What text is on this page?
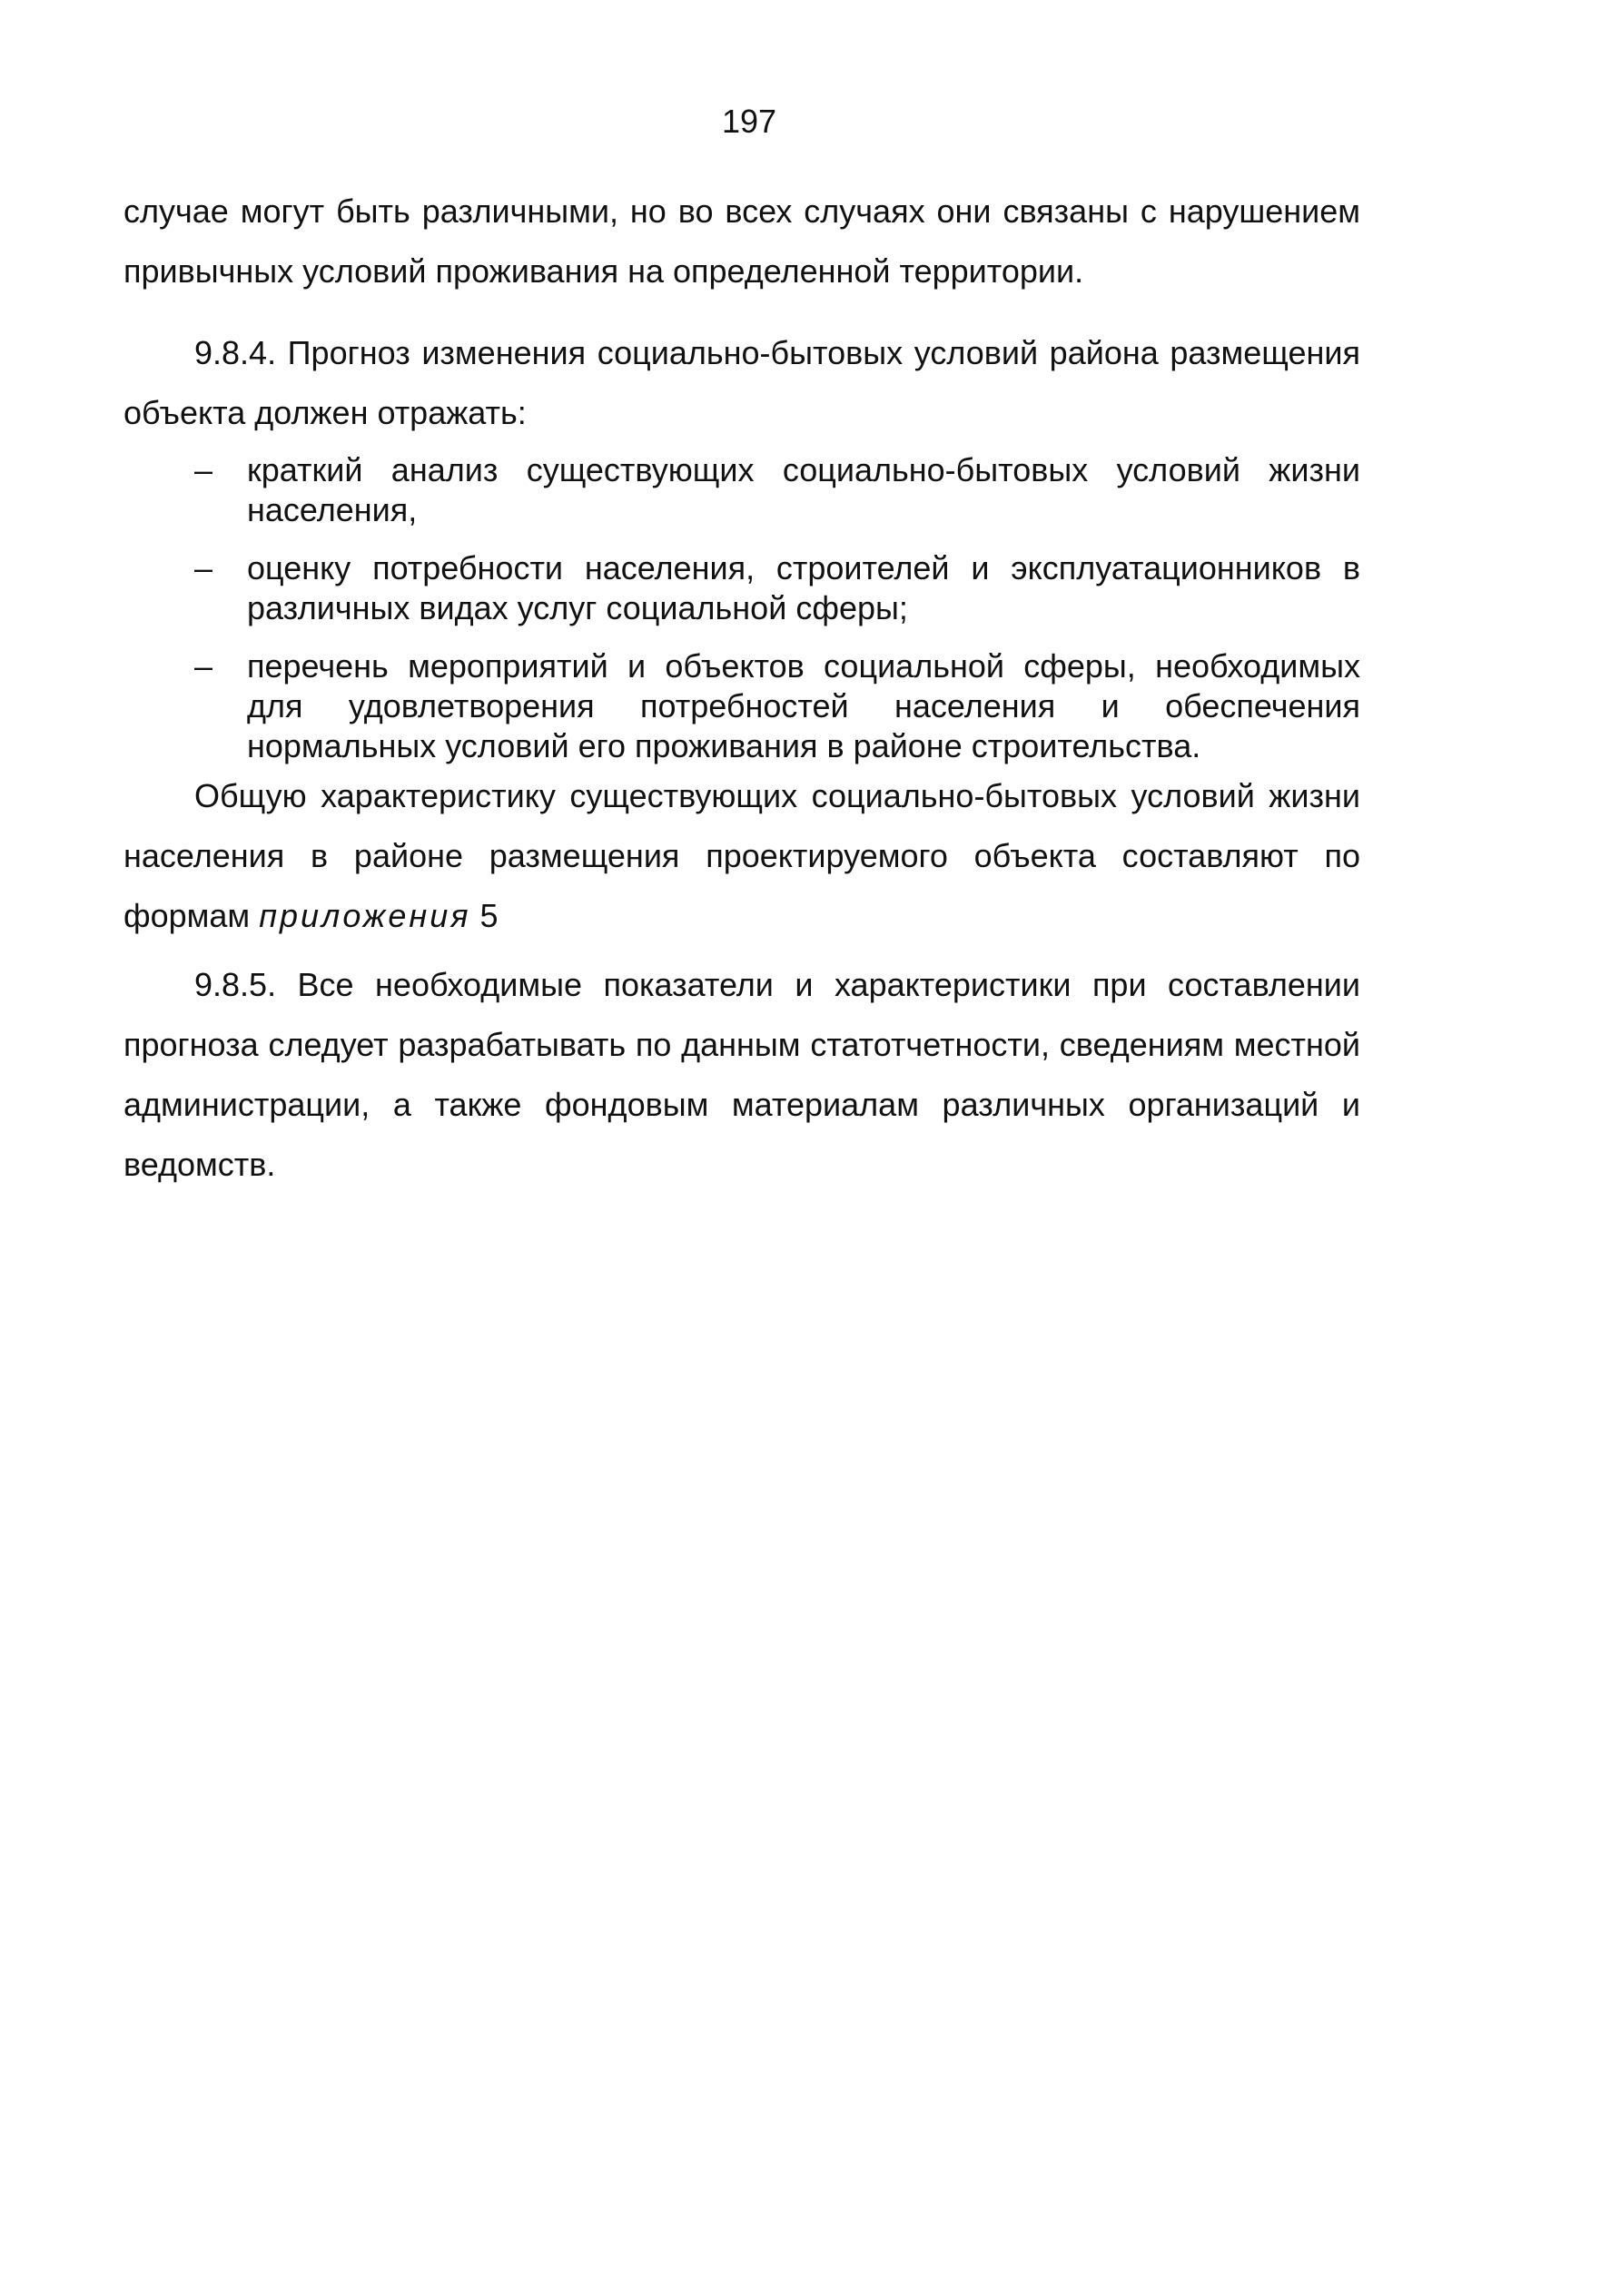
197

случае могут быть различными, но во всех случаях они связаны с нарушением привычных условий проживания на определенной территории.

9.8.4. Прогноз изменения социально-бытовых условий района размещения объекта должен отражать:

– краткий анализ существующих социально-бытовых условий жизни населения,
– оценку потребности населения, строителей и эксплуатационников в различных видах услуг социальной сферы;
– перечень мероприятий и объектов социальной сферы, необходимых для удовлетворения потребностей населения и обеспечения нормальных условий его проживания в районе строительства.

Общую характеристику существующих социально-бытовых условий жизни населения в районе размещения проектируемого объекта составляют по формам приложения 5

9.8.5. Все необходимые показатели и характеристики при составлении прогноза следует разрабатывать по данным статотчетности, сведениям местной администрации, а также фондовым материалам различных организаций и ведомств.
